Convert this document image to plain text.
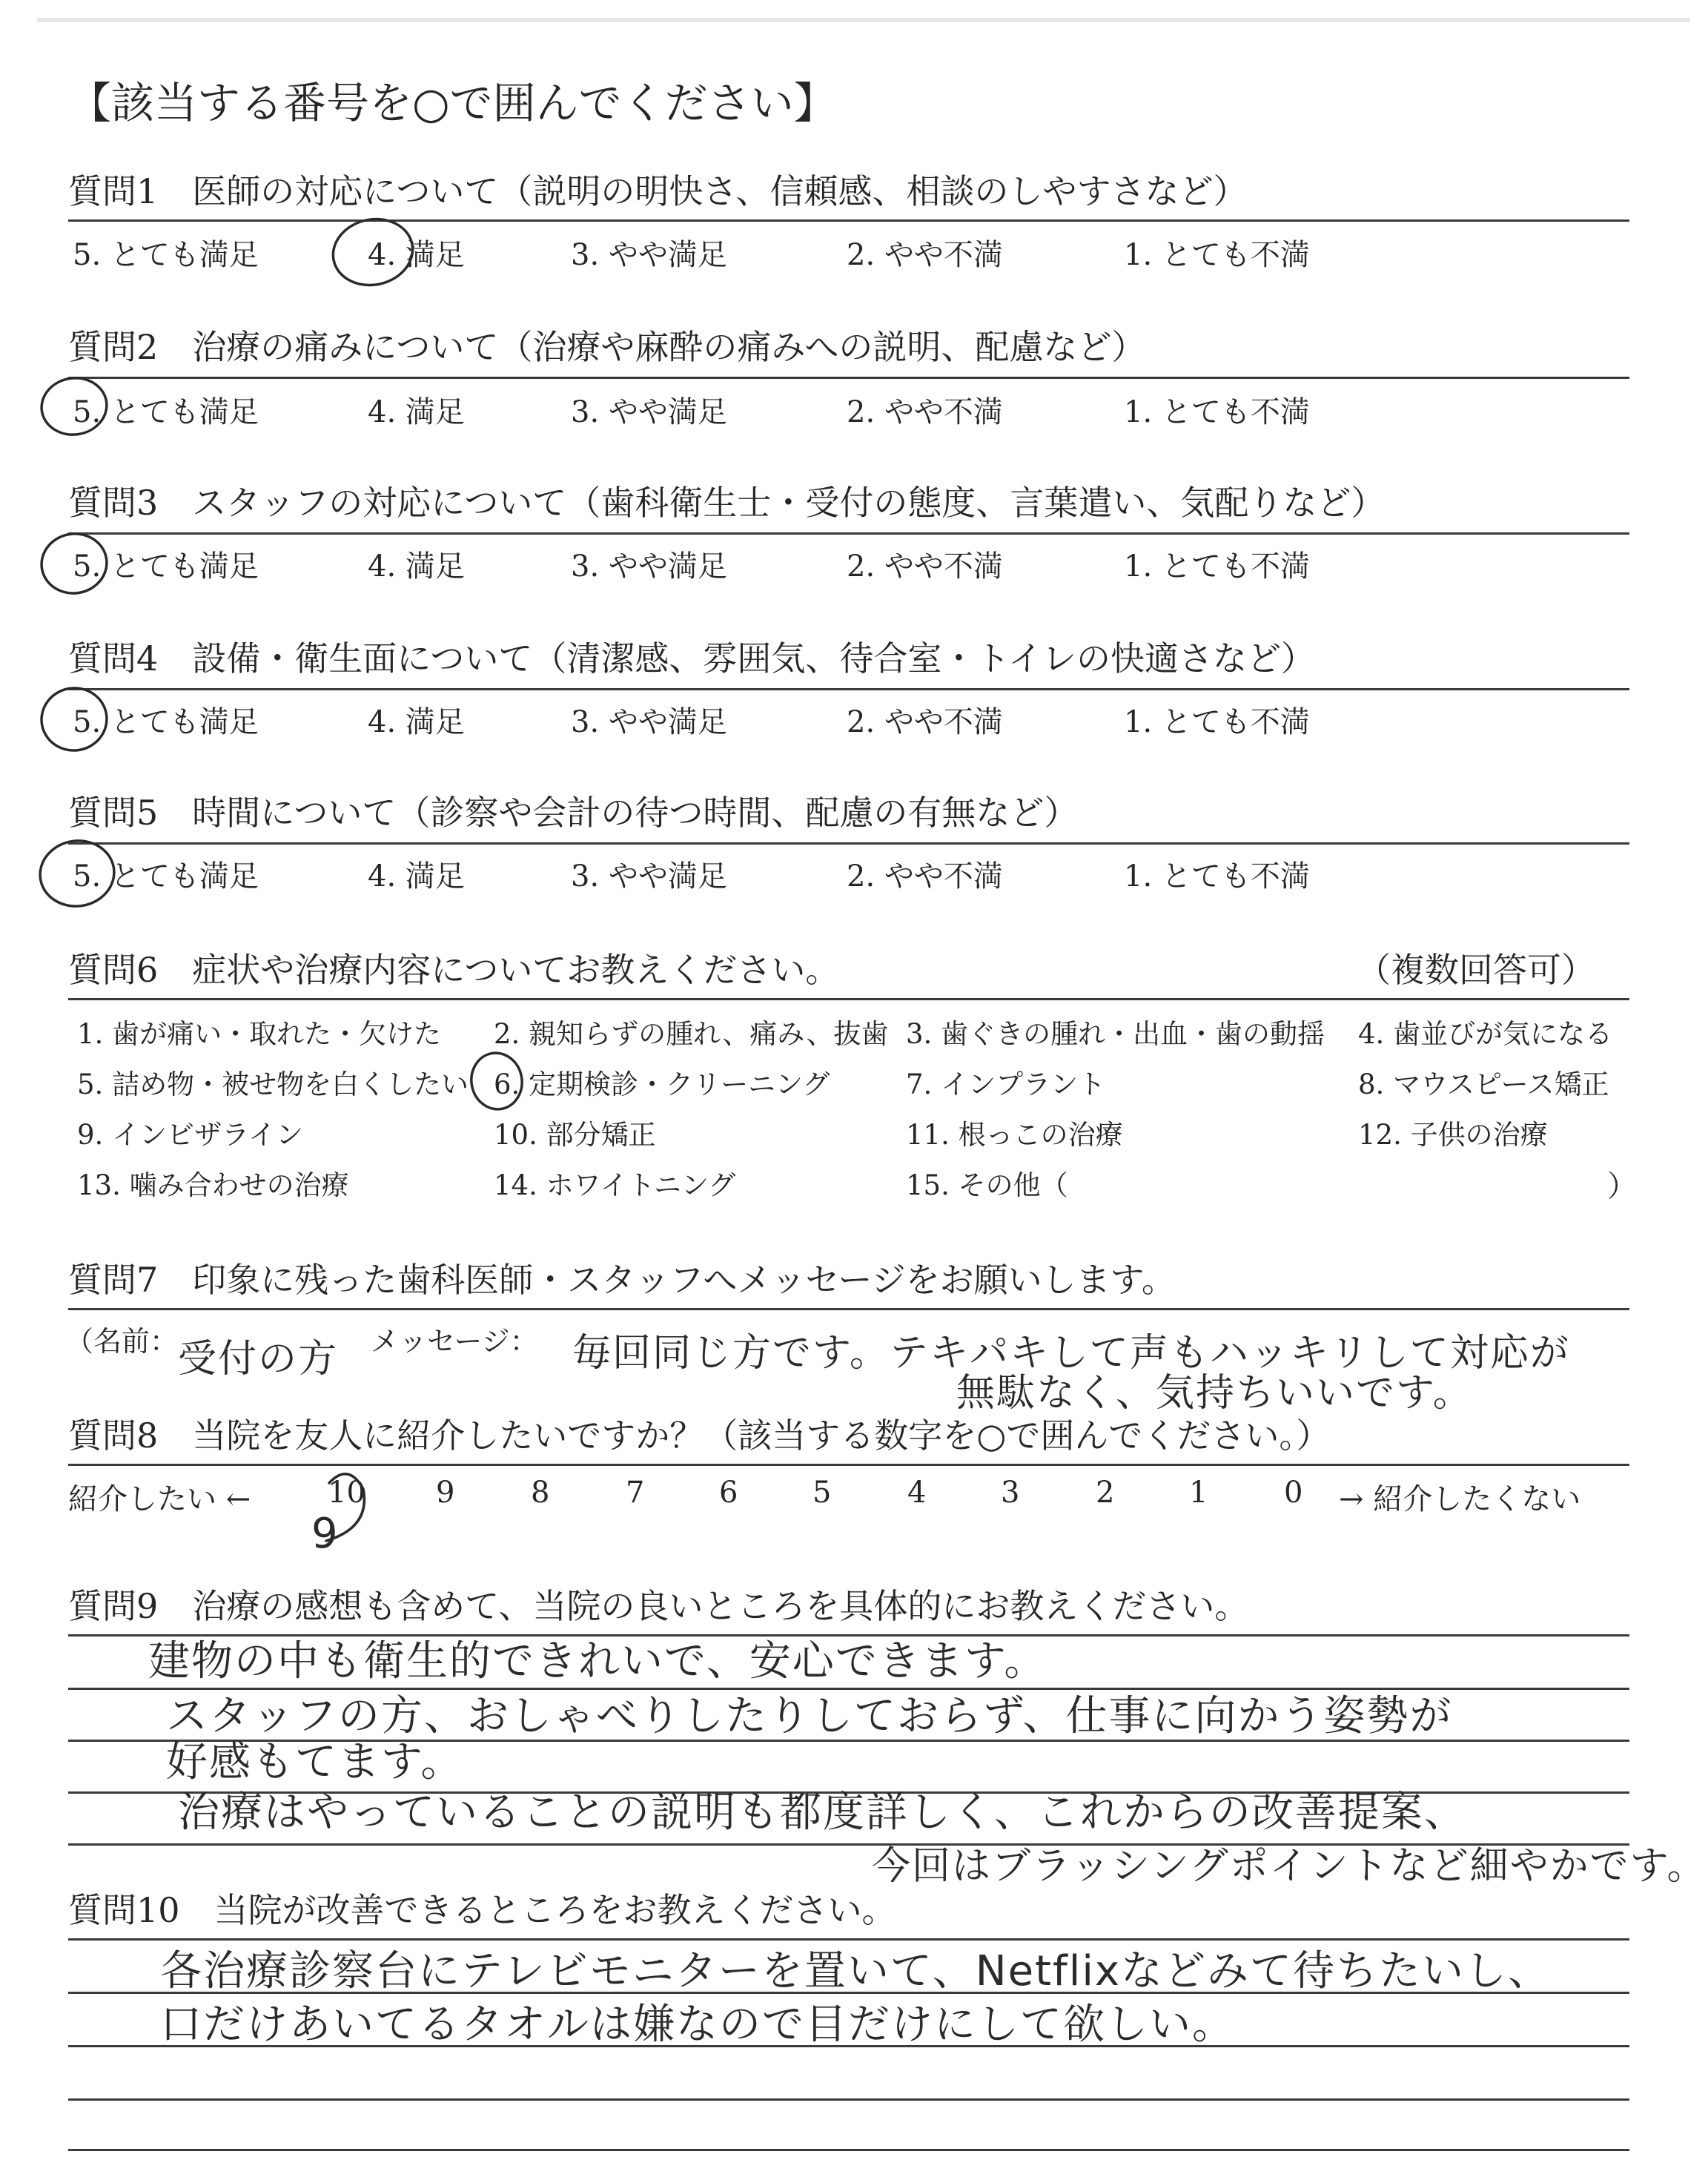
【該当する番号を○で囲んでください】
質問1　医師の対応について（説明の明快さ、信頼感、相談のしやすさなど）
5. とても満足	4. 満足	3. やや満足	2. やや不満	1. とても不満
質問2　治療の痛みについて（治療や麻酔の痛みへの説明、配慮など）
5. とても満足	4. 満足	3. やや満足	2. やや不満	1. とても不満
質問3　スタッフの対応について（歯科衛生士・受付の態度、言葉遣い、気配りなど）
5. とても満足	4. 満足	3. やや満足	2. やや不満	1. とても不満
質問4　設備・衛生面について（清潔感、雰囲気、待合室・トイレの快適さなど）
5. とても満足	4. 満足	3. やや満足	2. やや不満	1. とても不満
質問5　時間について（診察や会計の待つ時間、配慮の有無など）
5. とても満足	4. 満足	3. やや満足	2. やや不満	1. とても不満
質問6　症状や治療内容についてお教えください。	（複数回答可）
1. 歯が痛い・取れた・欠けた 2. 親知らずの腫れ、痛み、抜歯 3. 歯ぐきの腫れ・出血・歯の動揺 4. 歯並びが気になる
5. 詰め物・被せ物を白くしたい 6. 定期検診・クリーニング	7. インプラント	8. マウスピース矯正
9. インビザライン	10. 部分矯正	11. 根っこの治療	12. 子供の治療
13. 噛み合わせの治療	14. ホワイトニング	15. その他（	）
質問7　印象に残った歯科医師・スタッフへメッセージをお願いします。
（名前： 受付の方 メッセージ： 毎回同じ方です。テキパキして声もハッキリして対応が
無駄なく、気持ちいいです。
質問8　当院を友人に紹介したいですか？（該当する数字を○で囲んでください。）
紹介したい ←	10 9	8	7	6	5	4	3	2	1	0 → 紹介したくない
9
質問9　治療の感想も含めて、当院の良いところを具体的にお教えください。
建物の中も衛生的できれいで、安心できます。
スタッフの方、おしゃべりしたりしておらず、仕事に向かう姿勢が
好感もてます。
治療はやっていることの説明も都度詳しく、これからの改善提案、
今回はブラッシングポイントなど細やかです。
質問10　当院が改善できるところをお教えください。
各治療診察台にテレビモニターを置いて、Netflixなどみて待ちたいし、
口だけあいてるタオルは嫌なので目だけにして欲しい。
